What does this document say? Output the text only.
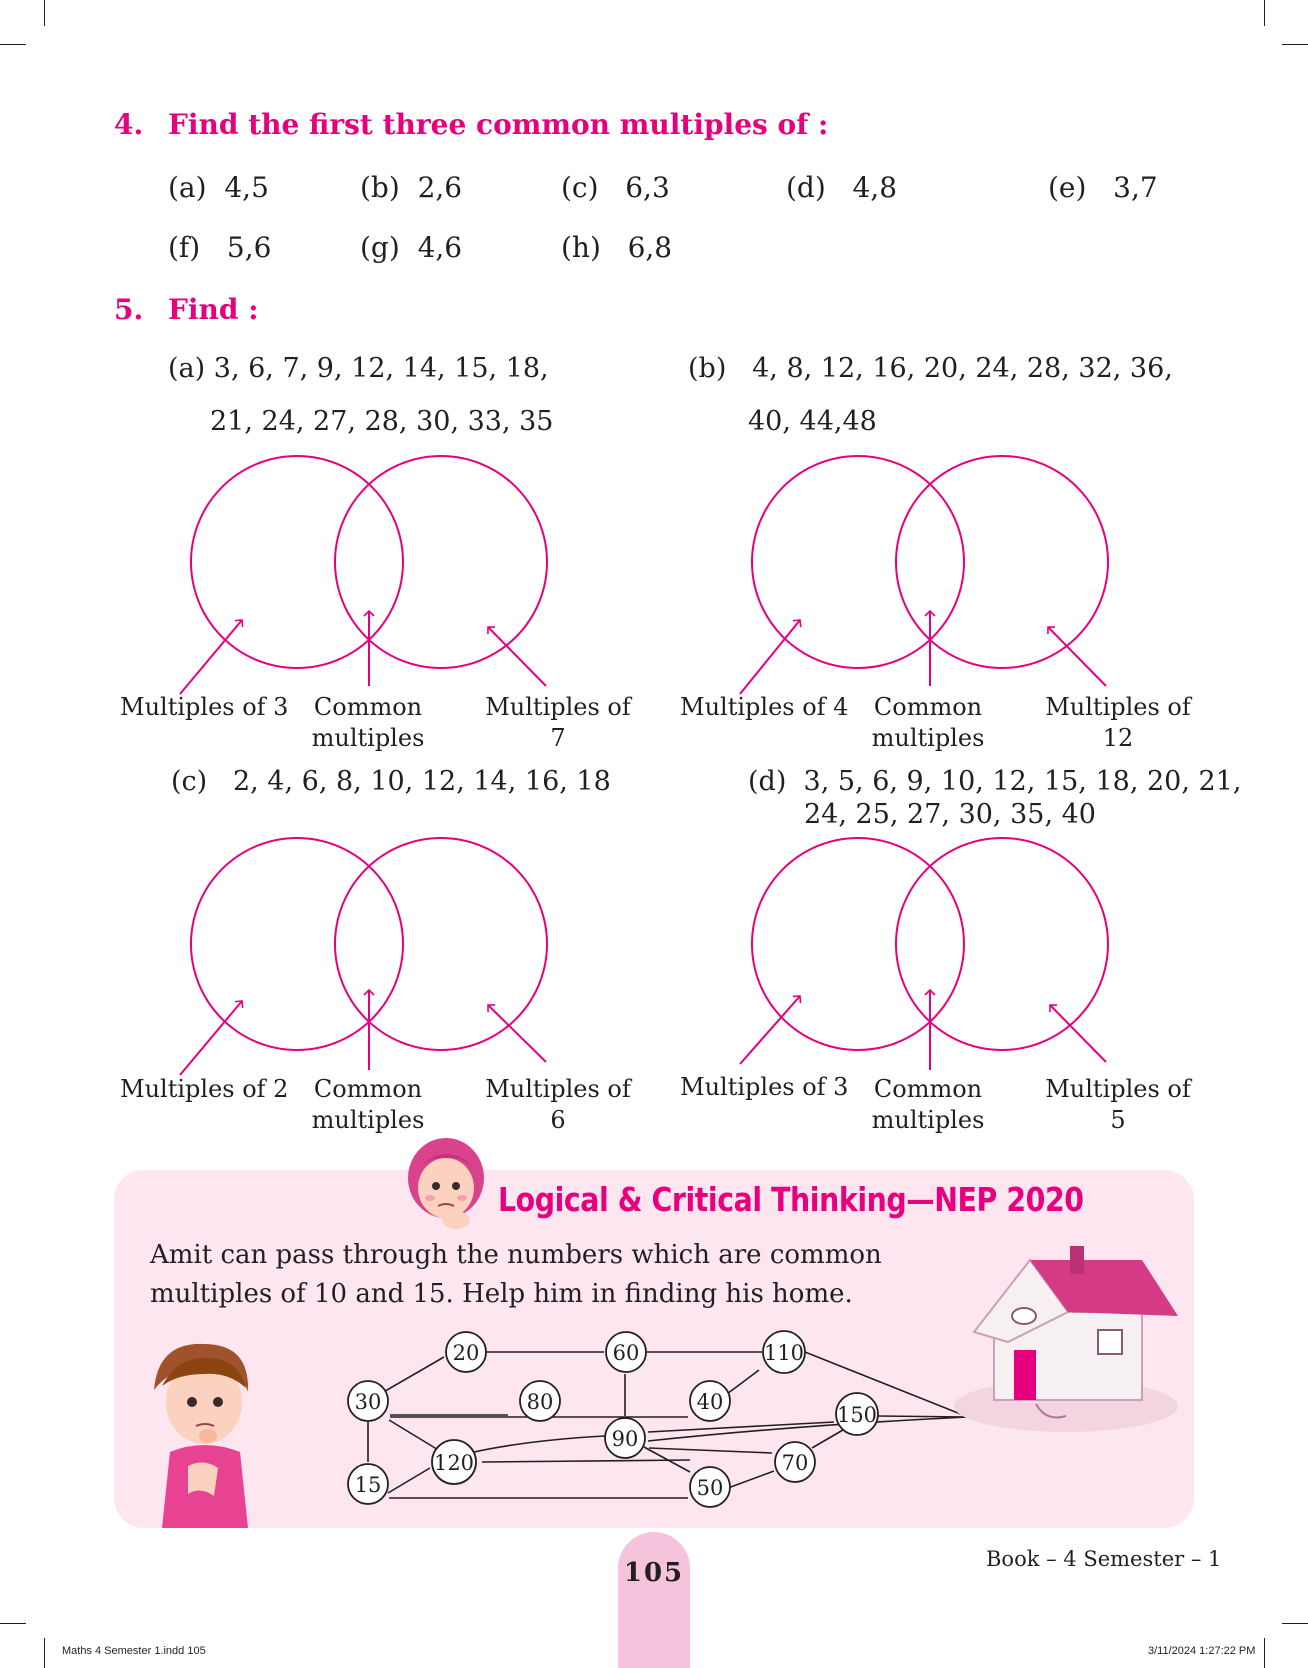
4. Find the first three common multiples of :
(a) 4,5	(b) 2,6	(c) 6,3	(d) 4,8	(e) 3,7
(f) 5,6	(g) 4,6	(h) 6,8
5. Find :
(a) 3, 6, 7, 9, 12, 14, 15, 18,
21, 24, 27, 28, 30, 33, 35
(b) 4, 8, 12, 16, 20, 24, 28, 32, 36,
40, 44,48
(c) 2, 4, 6, 8, 10, 12, 14, 16, 18	(d) 3, 5, 6, 9, 10, 12, 15, 18, 20, 21,
24, 25, 27, 30, 35, 40
Multiples of 3	Common
multiples
Multiples of
7
Multiples of 4	Common
multiples
Multiples of
12
Multiples of 2	Common
multiples
Multiples of
6
Multiples of 3	Common
multiples
Multiples of
5
Logical & Critical Thinking—NEP 2020
Amit can pass through the numbers which are common
multiples of 10 and 15. Help him in finding his home.
20	60	110
30	80	40
150
90
120	70
15	50
105	Book – 4 Semester – 1
Maths 4 Semester 1.indd 105	3/11/2024 1:27:22 PM
